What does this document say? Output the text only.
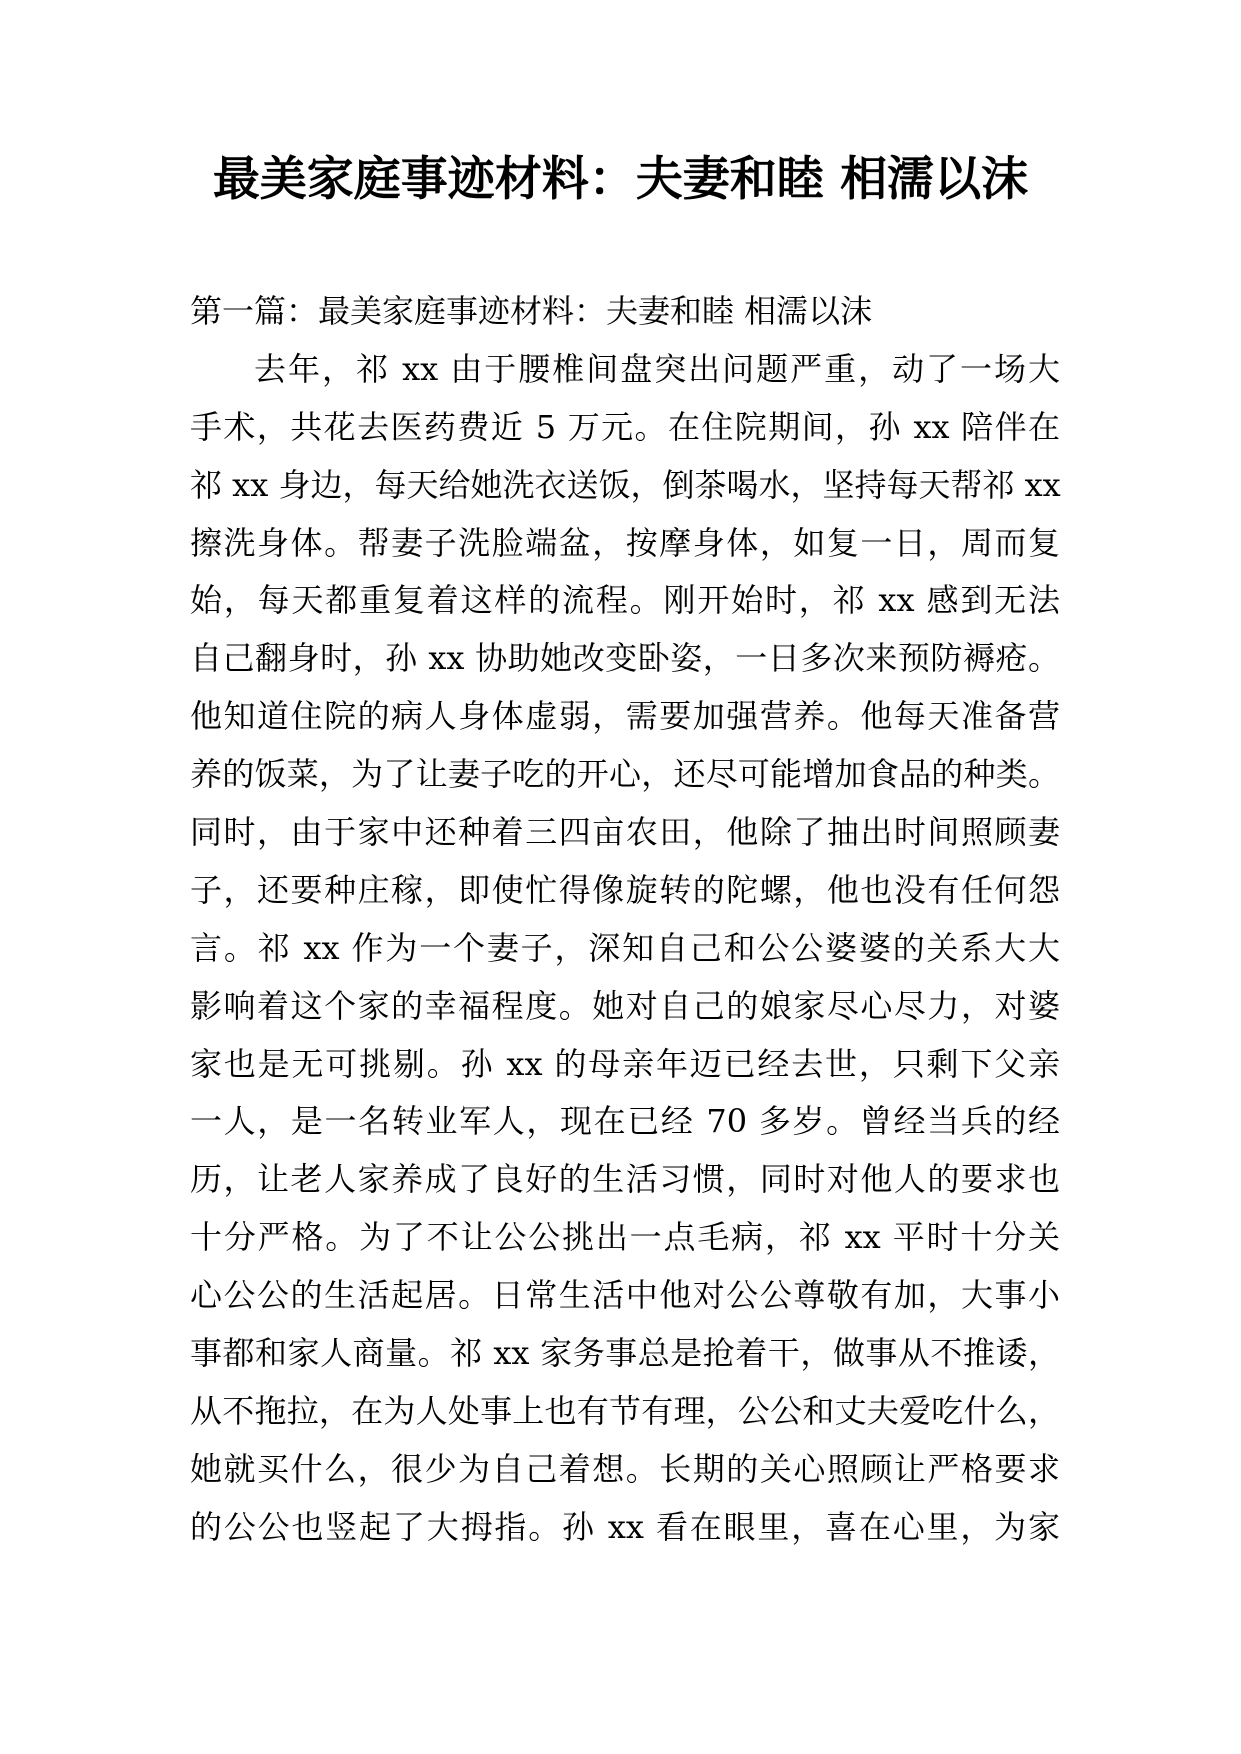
最美家庭事迹材料：夫妻和睦 相濡以沫
第一篇：最美家庭事迹材料：夫妻和睦 相濡以沫
去年，祁 xx 由于腰椎间盘突出问题严重，动了一场大
手术，共花去医药费近 5 万元。在住院期间，孙 xx 陪伴在
祁 xx 身边，每天给她洗衣送饭，倒茶喝水，坚持每天帮祁 xx
擦洗身体。帮妻子洗脸端盆，按摩身体，如复一日，周而复
始，每天都重复着这样的流程。刚开始时，祁 xx 感到无法
自己翻身时，孙 xx 协助她改变卧姿，一日多次来预防褥疮。
他知道住院的病人身体虚弱，需要加强营养。他每天准备营
养的饭菜，为了让妻子吃的开心，还尽可能增加食品的种类。
同时，由于家中还种着三四亩农田，他除了抽出时间照顾妻
子，还要种庄稼，即使忙得像旋转的陀螺，他也没有任何怨
言。祁 xx 作为一个妻子，深知自己和公公婆婆的关系大大
影响着这个家的幸福程度。她对自己的娘家尽心尽力，对婆
家也是无可挑剔。孙 xx 的母亲年迈已经去世，只剩下父亲
一人，是一名转业军人，现在已经 70 多岁。曾经当兵的经
历，让老人家养成了良好的生活习惯，同时对他人的要求也
十分严格。为了不让公公挑出一点毛病，祁 xx 平时十分关
心公公的生活起居。日常生活中他对公公尊敬有加，大事小
事都和家人商量。祁 xx 家务事总是抢着干，做事从不推诿，
从不拖拉，在为人处事上也有节有理，公公和丈夫爱吃什么，
她就买什么，很少为自己着想。长期的关心照顾让严格要求
的公公也竖起了大拇指。孙 xx 看在眼里，喜在心里，为家
